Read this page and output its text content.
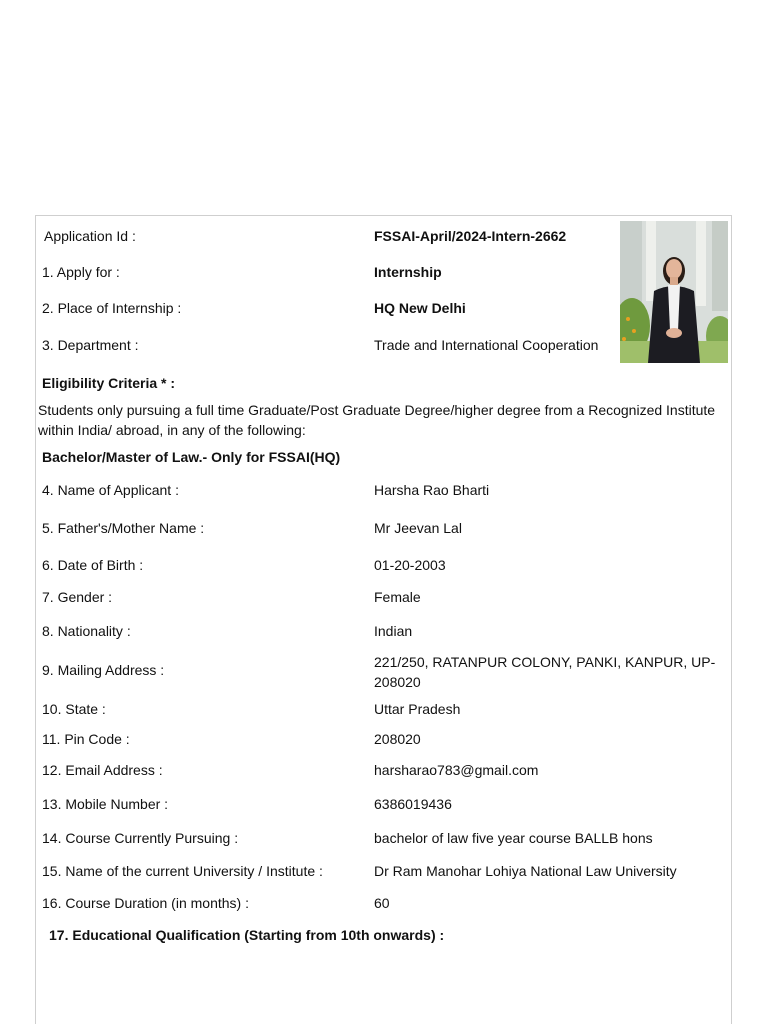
Application Id :	FSSAI-April/2024-Intern-2662
1. Apply for :	Internship
2. Place of Internship :	HQ New Delhi
3. Department :	Trade and International Cooperation
Eligibility Criteria * :
Students only pursuing a full time Graduate/Post Graduate Degree/higher degree from a Recognized Institute within India/ abroad, in any of the following:
Bachelor/Master of Law.- Only for FSSAI(HQ)
4. Name of Applicant :	Harsha Rao Bharti
5. Father's/Mother Name :	Mr Jeevan Lal
6. Date of Birth :	01-20-2003
7. Gender :	Female
8. Nationality :	Indian
9. Mailing Address :	221/250, RATANPUR COLONY, PANKI, KANPUR, UP-208020
10. State :	Uttar Pradesh
11. Pin Code :	208020
12. Email Address :	harsharao783@gmail.com
13. Mobile Number :	6386019436
14. Course Currently Pursuing :	bachelor of law five year course BALLB hons
15. Name of the current University / Institute :	Dr Ram Manohar Lohiya National Law University
16. Course Duration (in months) :	60
17. Educational Qualification (Starting from 10th onwards) :
